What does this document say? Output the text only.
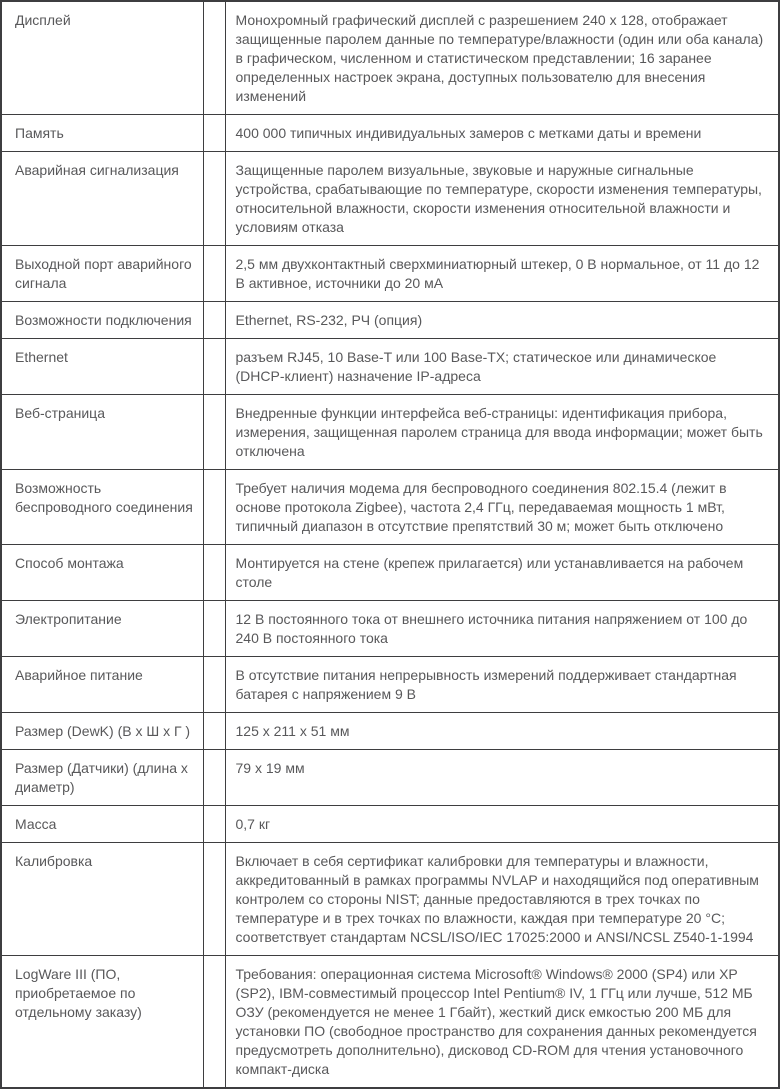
Дисплей		Монохромный графический дисплей с разрешением 240 x 128, отображает защищенные паролем данные по температуре/влажности (один или оба канала) в графическом, численном и статистическом представлении; 16 заранее определенных настроек экрана, доступных пользователю для внесения изменений
Память		400 000 типичных индивидуальных замеров с метками даты и времени
Аварийная сигнализация		Защищенные паролем визуальные, звуковые и наружные сигнальные устройства, срабатывающие по температуре, скорости изменения температуры, относительной влажности, скорости изменения относительной влажности и условиям отказа
Выходной порт аварийного сигнала		2,5 мм двухконтактный сверхминиатюрный штекер, 0 В нормальное, от 11 до 12 В активное, источники до 20 мА
Возможности подключения		Ethernet, RS-232, РЧ (опция)
Ethernet		разъем RJ45, 10 Base-T или 100 Base-TX; статическое или динамическое (DHCP-клиент) назначение IP-адреса
Веб-страница		Внедренные функции интерфейса веб-страницы: идентификация прибора, измерения, защищенная паролем страница для ввода информации; может быть отключена
Возможность беспроводного соединения		Требует наличия модема для беспроводного соединения 802.15.4 (лежит в основе протокола Zigbee), частота 2,4 ГГц, передаваемая мощность 1 мВт, типичный диапазон в отсутствие препятствий 30 м; может быть отключено
Способ монтажа		Монтируется на стене (крепеж прилагается) или устанавливается на рабочем столе
Электропитание		12 В постоянного тока от внешнего источника питания напряжением от 100 до 240 В постоянного тока
Аварийное питание		В отсутствие питания непрерывность измерений поддерживает стандартная батарея с напряжением 9 В
Размер (DewK) (В х Ш х Г )		125 x 211 x 51 мм
Размер (Датчики) (длина х диаметр)		79 x 19 мм
Масса		0,7 кг
Калибровка		Включает в себя сертификат калибровки для температуры и влажности, аккредитованный в рамках программы NVLAP и находящийся под оперативным контролем со стороны NIST; данные предоставляются в трех точках по температуре и в трех точках по влажности, каждая при температуре 20 °C; соответствует стандартам NCSL/ISO/IEC 17025:2000 и ANSI/NCSL Z540-1-1994
LogWare III (ПО, приобретаемое по отдельному заказу)		Требования: операционная система Microsoft® Windows® 2000 (SP4) или XP (SP2), IBM-совместимый процессор Intel Pentium® IV, 1 ГГц или лучше, 512 МБ ОЗУ (рекомендуется не менее 1 Гбайт), жесткий диск емкостью 200 МБ для установки ПО (свободное пространство для сохранения данных рекомендуется предусмотреть дополнительно), дисковод CD-ROM для чтения установочного компакт-диска
